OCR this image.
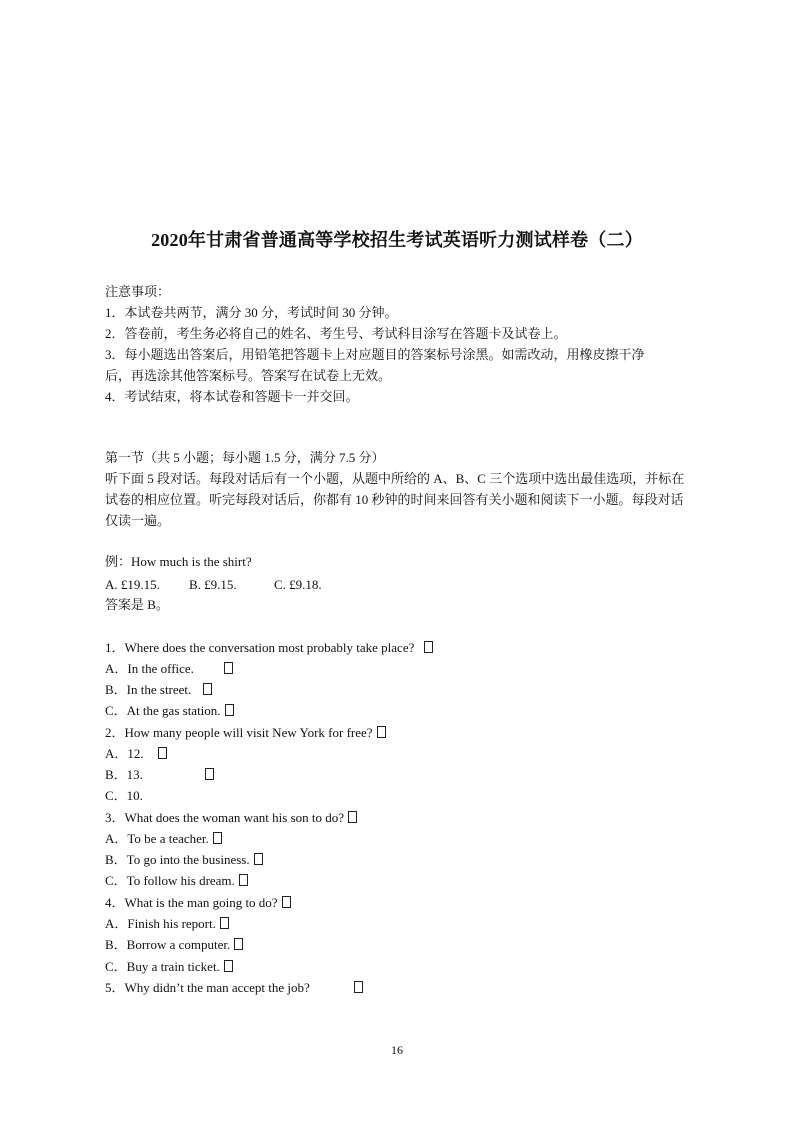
2020年甘肃省普通高等学校招生考试英语听力测试样卷（二）
注意事项：
1．本试卷共两节，满分 30 分，考试时间 30 分钟。
2．答卷前，考生务必将自己的姓名、考生号、考试科目涂写在答题卡及试卷上。
3．每小题选出答案后，用铅笔把答题卡上对应题目的答案标号涂黑。如需改动，用橡皮擦干净
后，再选涂其他答案标号。答案写在试卷上无效。
4．考试结束，将本试卷和答题卡一并交回。
第一节（共 5 小题；每小题 1.5 分，满分 7.5 分）
听下面 5 段对话。每段对话后有一个小题，从题中所给的 A、B、C 三个选项中选出最佳选项，并标在试卷的相应位置。听完每段对话后，你都有 10 秒钟的时间来回答有关小题和阅读下一小题。每段对话仅读一遍。
例：How much is the shirt?
A. £19.15. B. £9.15.	C. £9.18.
答案是 B。
1．Where does the conversation most probably take place?
A．In the office.
B．In the street.
C．At the gas station.
2．How many people will visit New York for free?
A．12.
B．13.
C．10.
3．What does the woman want his son to do?
A．To be a teacher.
B．To go into the business.
C．To follow his dream.
4．What is the man going to do?
A．Finish his report.
B．Borrow a computer.
C．Buy a train ticket.
5．Why didn’t the man accept the job?
16
